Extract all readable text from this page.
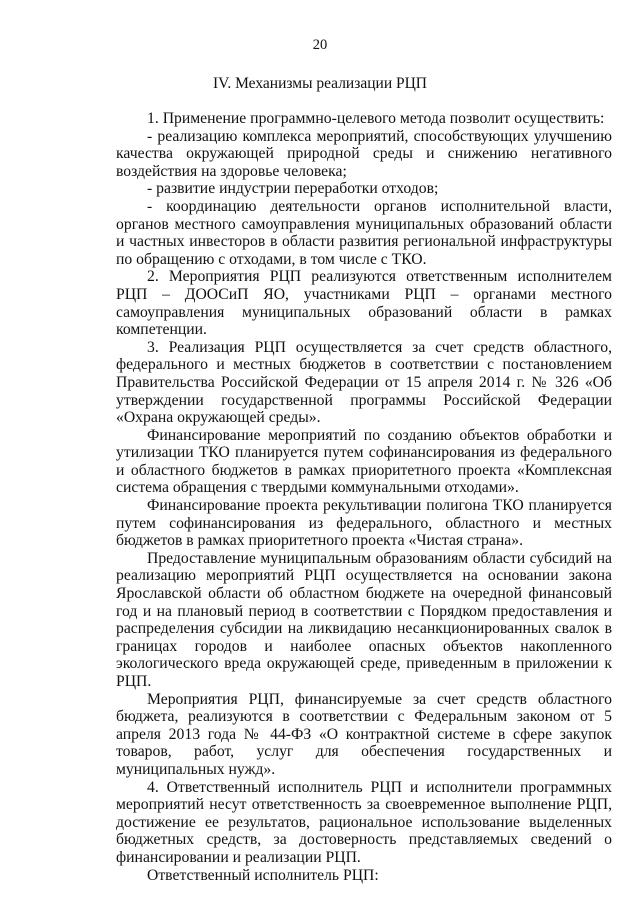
20
IV. Механизмы реализации РЦП

1. Применение программно-целевого метода позволит осуществить:

- реализацию комплекса мероприятий, способствующих улучшению качества окружающей природной среды и снижению негативного воздействия на здоровье человека;

- развитие индустрии переработки отходов;

- координацию деятельности органов исполнительной власти, органов местного самоуправления муниципальных образований области и частных инвесторов в области развития региональной инфраструктуры по обращению с отходами, в том числе с ТКО.

2. Мероприятия РЦП реализуются ответственным исполнителем РЦП – ДООСиП ЯО, участниками РЦП – органами местного самоуправления муниципальных образований области в рамках компетенции.

3. Реализация РЦП осуществляется за счет средств областного, федерального и местных бюджетов в соответствии с постановлением Правительства Российской Федерации от 15 апреля 2014 г. № 326 «Об утверждении государственной программы Российской Федерации «Охрана окружающей среды».

Финансирование мероприятий по созданию объектов обработки и утилизации ТКО планируется путем софинансирования из федерального и областного бюджетов в рамках приоритетного проекта «Комплексная система обращения с твердыми коммунальными отходами».

Финансирование проекта рекультивации полигона ТКО планируется путем софинансирования из федерального, областного и местных бюджетов в рамках приоритетного проекта «Чистая страна».

Предоставление муниципальным образованиям области субсидий на реализацию мероприятий РЦП осуществляется на основании закона Ярославской области об областном бюджете на очередной финансовый год и на плановый период в соответствии с Порядком предоставления и распределения субсидии на ликвидацию несанкционированных свалок в границах городов и наиболее опасных объектов накопленного экологического вреда окружающей среде, приведенным в приложении к РЦП.

Мероприятия РЦП, финансируемые за счет средств областного бюджета, реализуются в соответствии с Федеральным законом от 5 апреля 2013 года № 44-ФЗ «О контрактной системе в сфере закупок товаров, работ, услуг для обеспечения государственных и муниципальных нужд».

4. Ответственный исполнитель РЦП и исполнители программных мероприятий несут ответственность за своевременное выполнение РЦП, достижение ее результатов, рациональное использование выделенных бюджетных средств, за достоверность представляемых сведений о финансировании и реализации РЦП.

Ответственный исполнитель РЦП:
